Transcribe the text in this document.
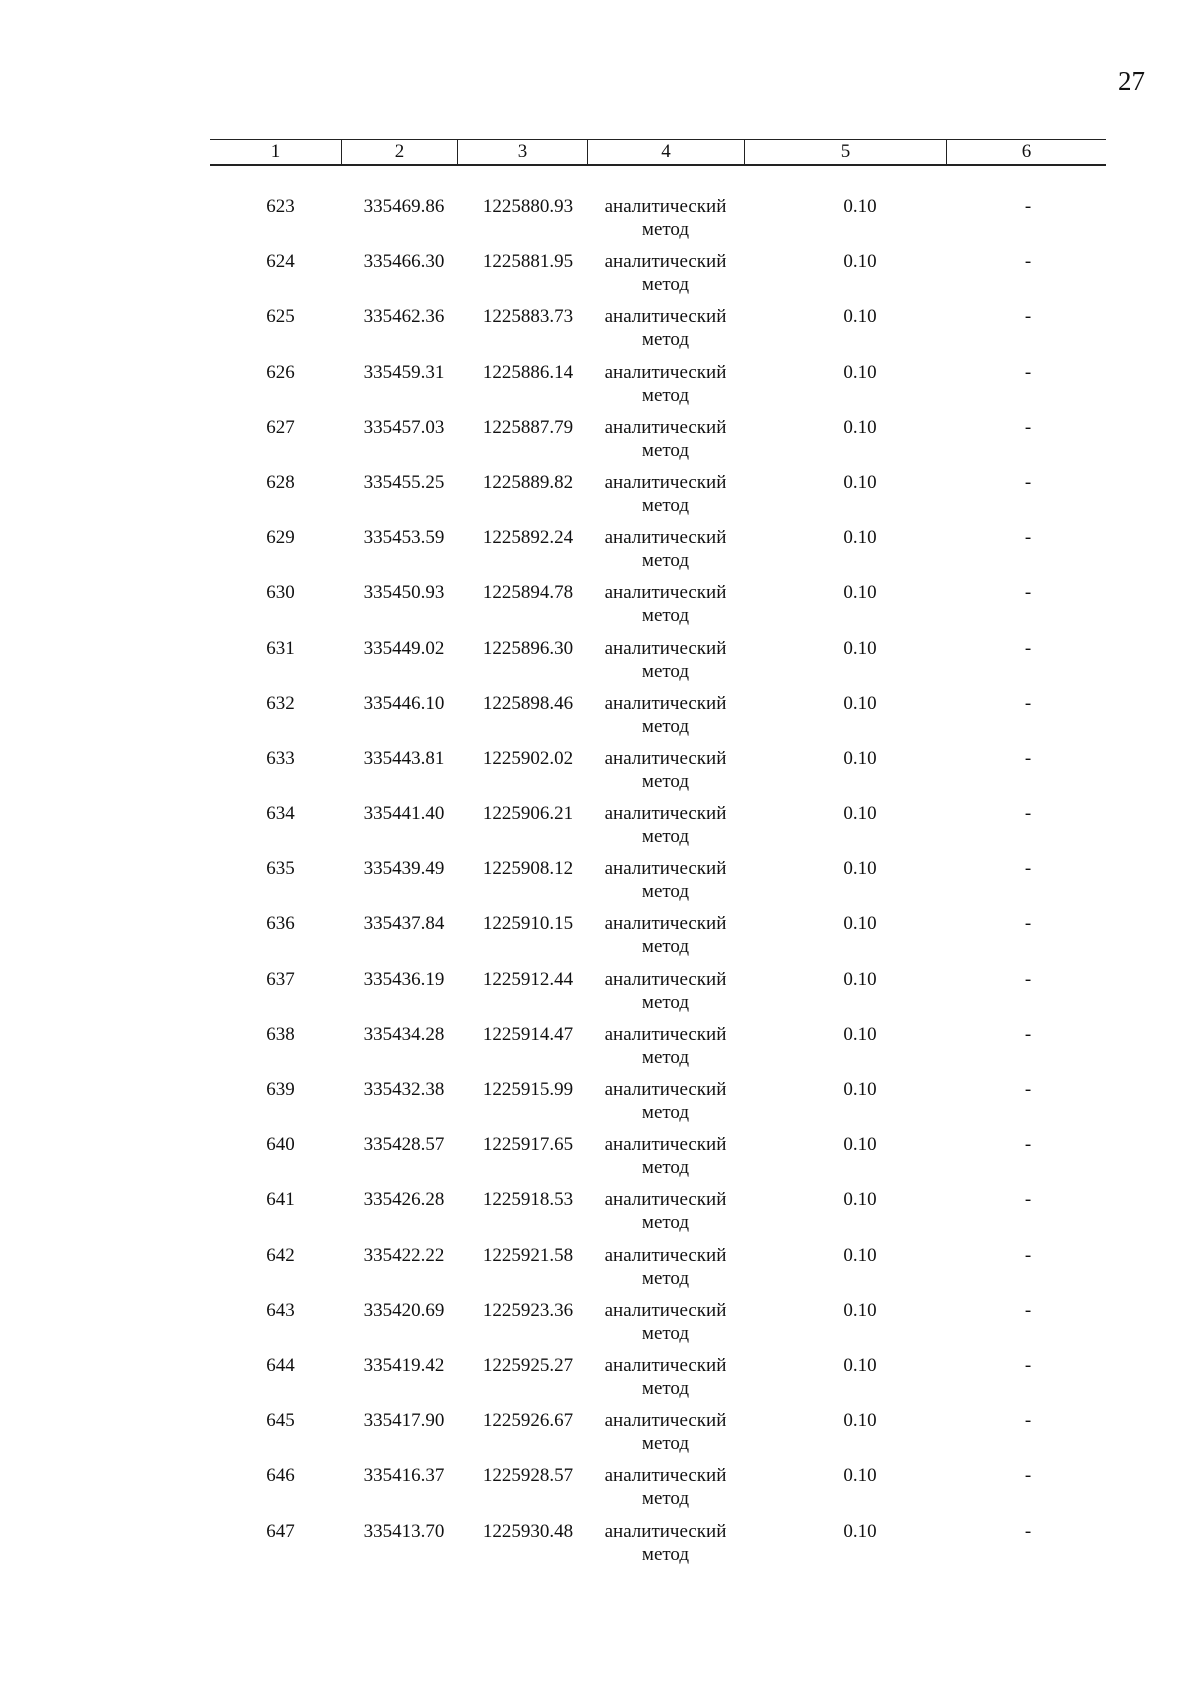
27
1	2	3	4	5	6
623	335469.86	1225880.93	аналитический
метод
0.10	-
624	335466.30	1225881.95	аналитический
метод
0.10	-
625	335462.36	1225883.73	аналитический
метод
0.10	-
626	335459.31	1225886.14	аналитический
метод
0.10	-
627	335457.03	1225887.79	аналитический
метод
0.10	-
628	335455.25	1225889.82	аналитический
метод
0.10	-
629	335453.59	1225892.24	аналитический
метод
0.10	-
630	335450.93	1225894.78	аналитический
метод
0.10	-
631	335449.02	1225896.30	аналитический
метод
0.10	-
632	335446.10	1225898.46	аналитический
метод
0.10	-
633	335443.81	1225902.02	аналитический
метод
0.10	-
634	335441.40	1225906.21	аналитический
метод
0.10	-
635	335439.49	1225908.12	аналитический
метод
0.10	-
636	335437.84	1225910.15	аналитический
метод
0.10	-
637	335436.19	1225912.44	аналитический
метод
0.10	-
638	335434.28	1225914.47	аналитический
метод
0.10	-
639	335432.38	1225915.99	аналитический
метод
0.10	-
640	335428.57	1225917.65	аналитический
метод
0.10	-
641	335426.28	1225918.53	аналитический
метод
0.10	-
642	335422.22	1225921.58	аналитический
метод
0.10	-
643	335420.69	1225923.36	аналитический
метод
0.10	-
644	335419.42	1225925.27	аналитический
метод
0.10	-
645	335417.90	1225926.67	аналитический
метод
0.10	-
646	335416.37	1225928.57	аналитический
метод
0.10	-
647	335413.70	1225930.48	аналитический
метод
0.10	-
